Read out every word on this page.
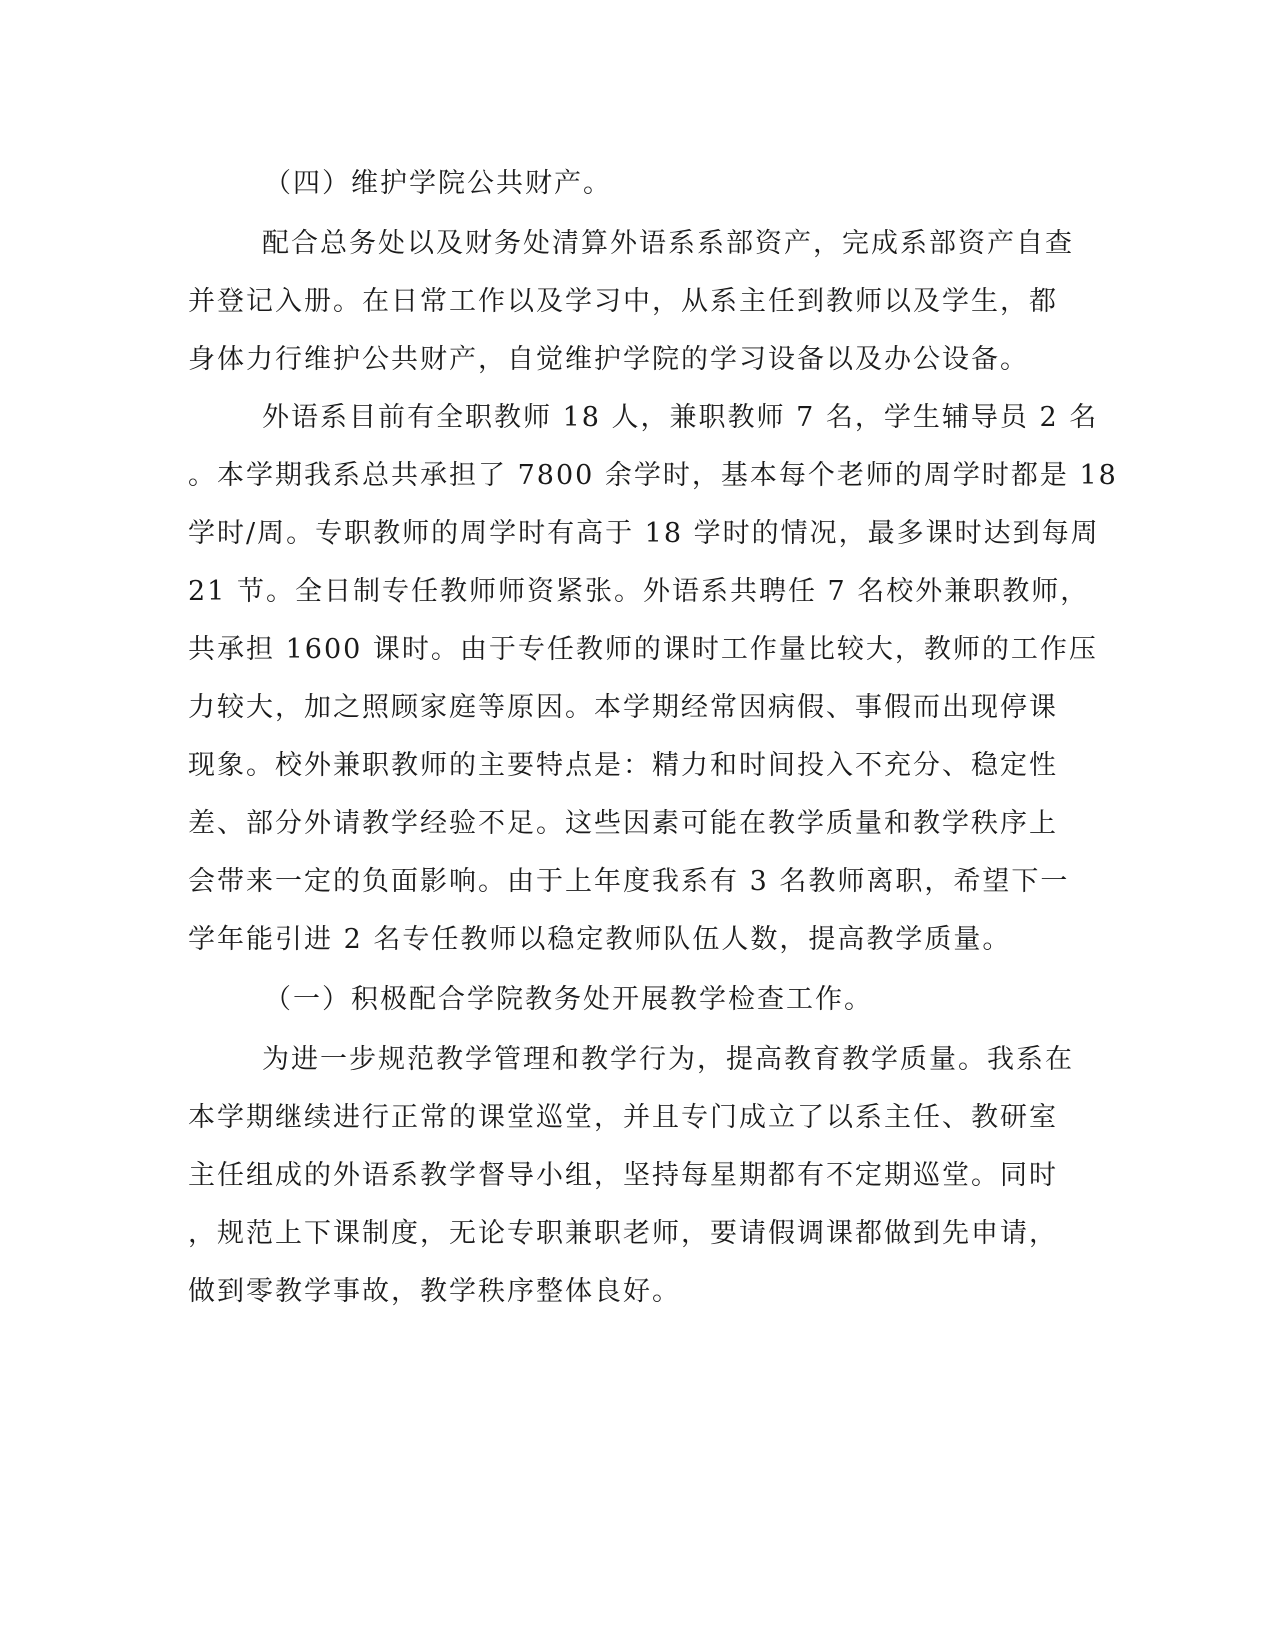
（四）维护学院公共财产。

配合总务处以及财务处清算外语系系部资产，完成系部资产自查

并登记入册。在日常工作以及学习中，从系主任到教师以及学生，都

身体力行维护公共财产，自觉维护学院的学习设备以及办公设备。

外语系目前有全职教师 18 人，兼职教师 7 名，学生辅导员 2 名

。本学期我系总共承担了 7800 余学时，基本每个老师的周学时都是 18

学时/周。专职教师的周学时有高于 18 学时的情况，最多课时达到每周

21 节。全日制专任教师师资紧张。外语系共聘任 7 名校外兼职教师，

共承担 1600 课时。由于专任教师的课时工作量比较大，教师的工作压

力较大，加之照顾家庭等原因。本学期经常因病假、事假而出现停课

现象。校外兼职教师的主要特点是：精力和时间投入不充分、稳定性

差、部分外请教学经验不足。这些因素可能在教学质量和教学秩序上

会带来一定的负面影响。由于上年度我系有 3 名教师离职，希望下一

学年能引进 2 名专任教师以稳定教师队伍人数，提高教学质量。

（一）积极配合学院教务处开展教学检查工作。

为进一步规范教学管理和教学行为，提高教育教学质量。我系在

本学期继续进行正常的课堂巡堂，并且专门成立了以系主任、教研室

主任组成的外语系教学督导小组，坚持每星期都有不定期巡堂。同时

，规范上下课制度，无论专职兼职老师，要请假调课都做到先申请，

做到零教学事故，教学秩序整体良好。
